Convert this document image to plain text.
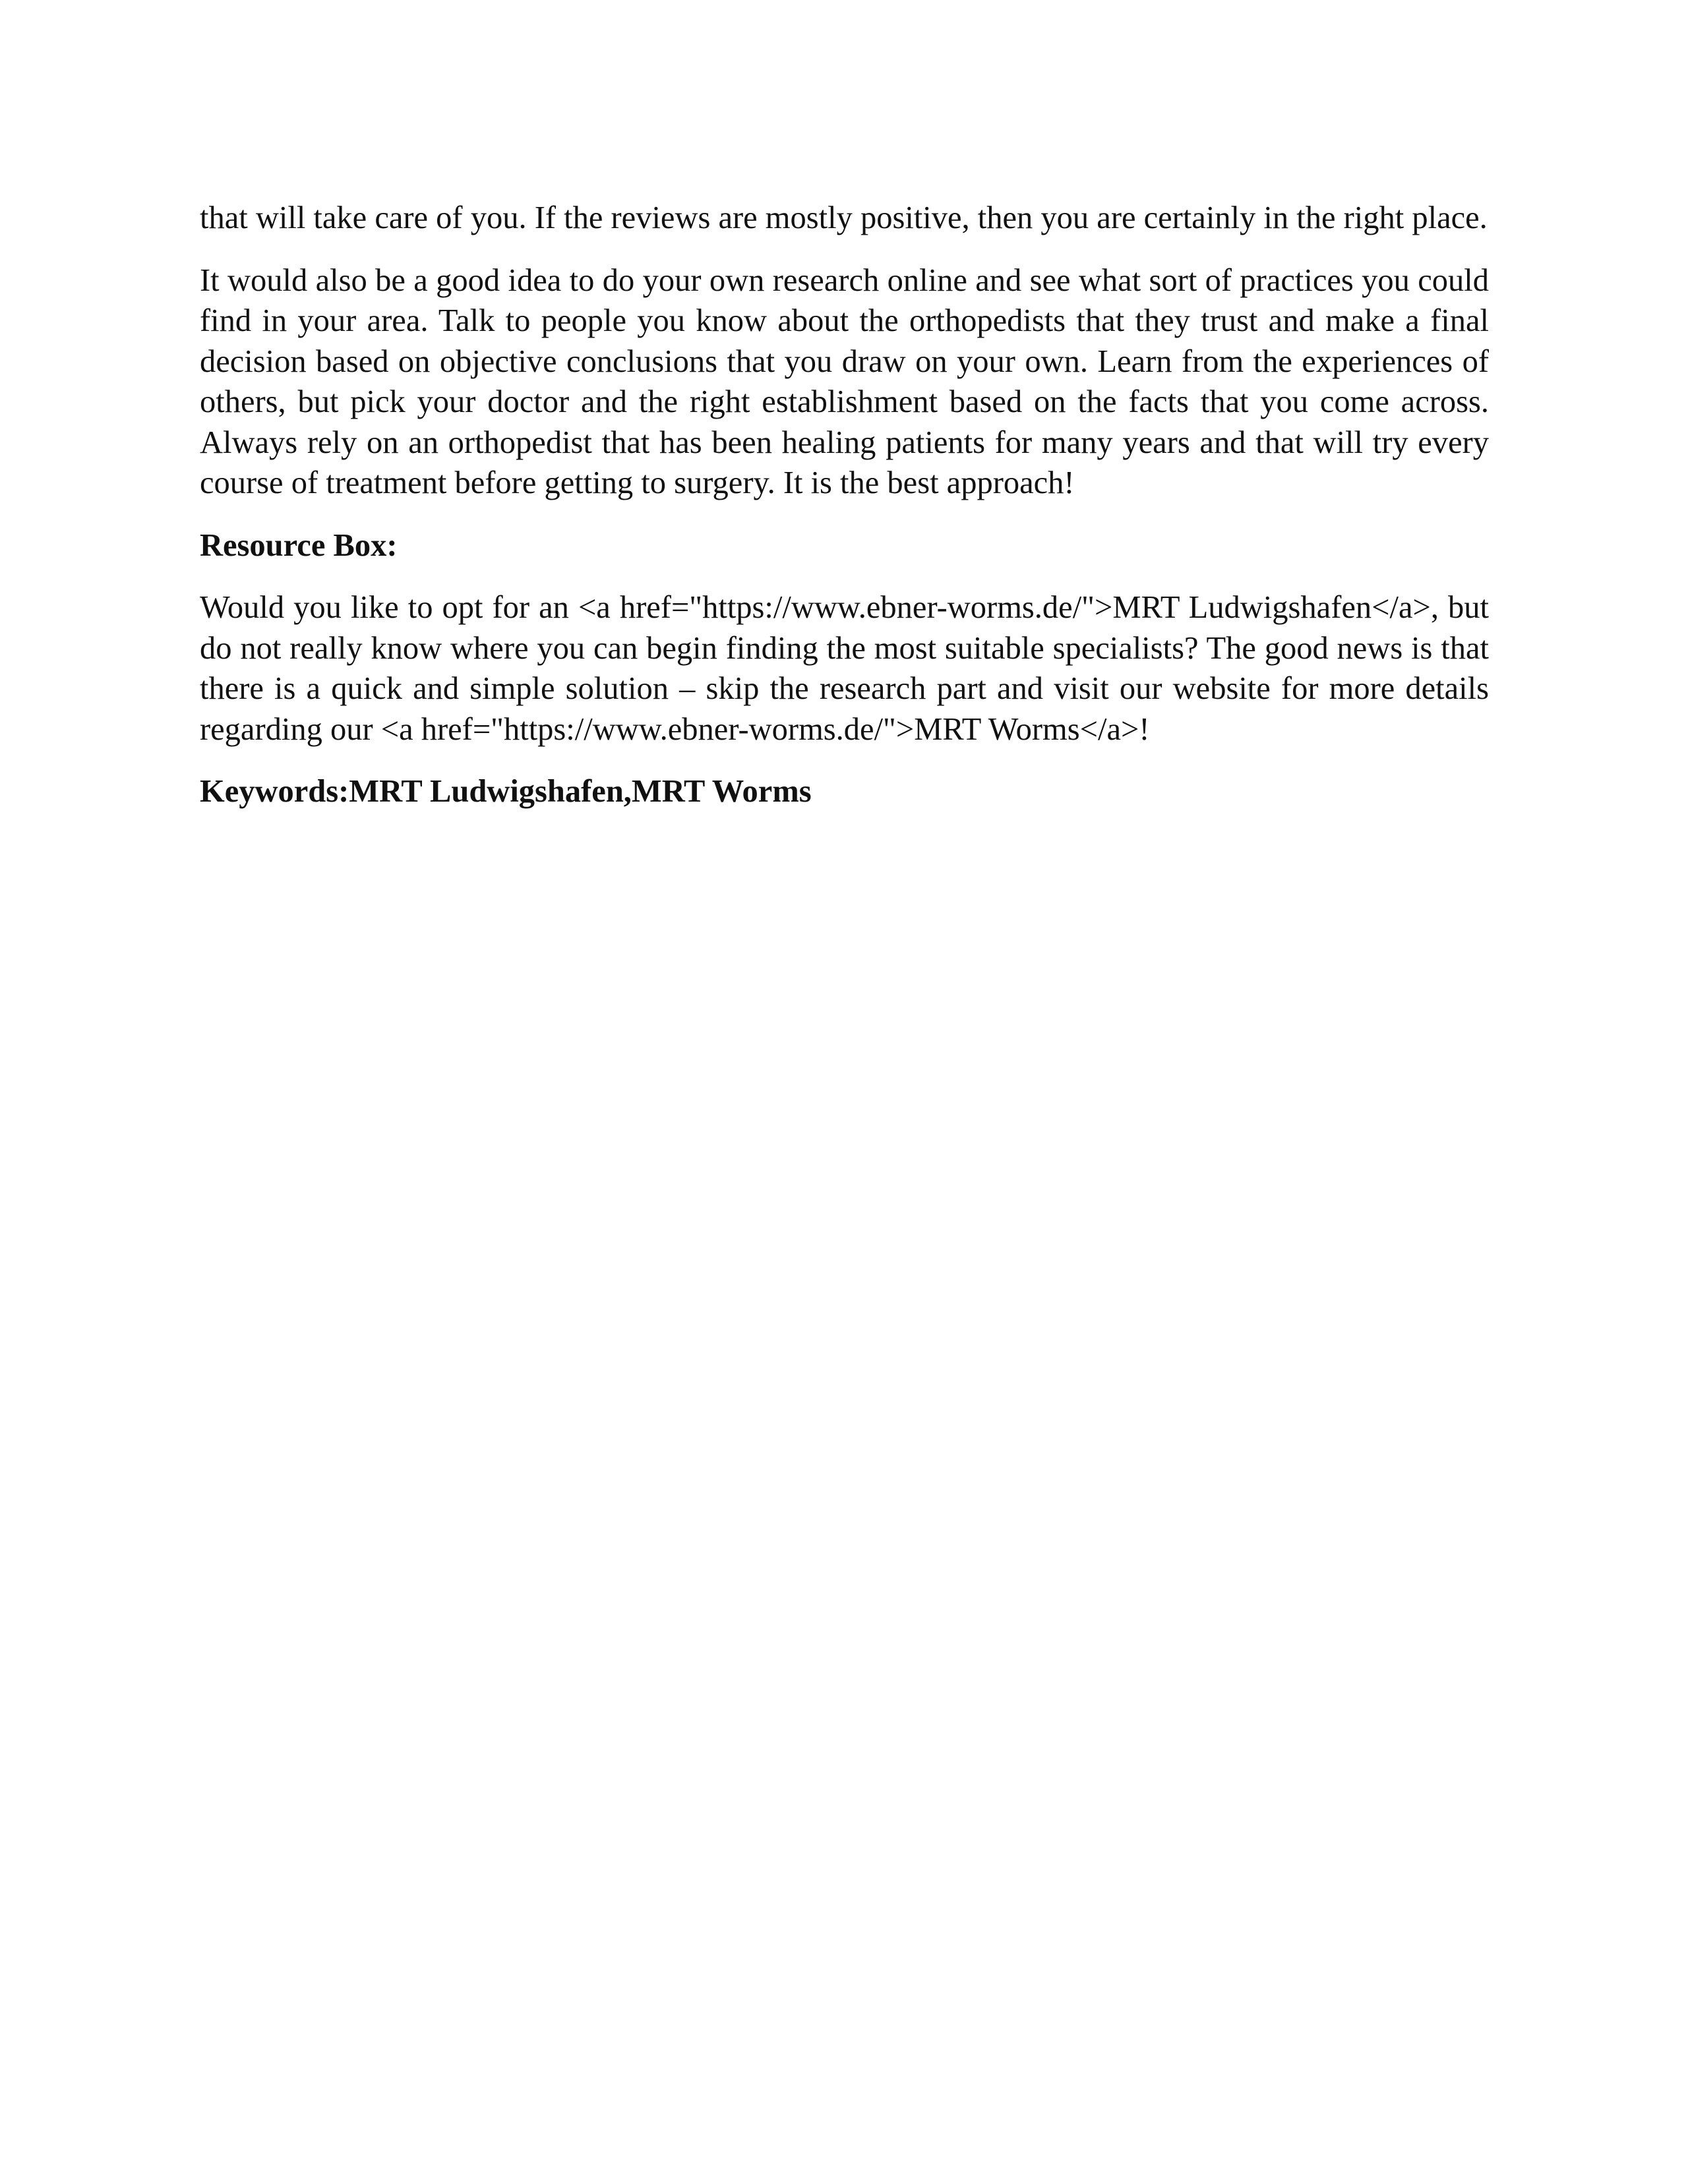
that will take care of you. If the reviews are mostly positive, then you are certainly in the right place.

It would also be a good idea to do your own research online and see what sort of practices you could find in your area. Talk to people you know about the orthopedists that they trust and make a final decision based on objective conclusions that you draw on your own. Learn from the experiences of others, but pick your doctor and the right establishment based on the facts that you come across. Always rely on an orthopedist that has been healing patients for many years and that will try every course of treatment before getting to surgery. It is the best approach!

Resource Box:

Would you like to opt for an <a href="https://www.ebner-worms.de/">MRT Ludwigshafen</a>, but do not really know where you can begin finding the most suitable specialists? The good news is that there is a quick and simple solution – skip the research part and visit our website for more details regarding our <a href="https://www.ebner-worms.de/">MRT Worms</a>!

Keywords:MRT Ludwigshafen,MRT Worms
